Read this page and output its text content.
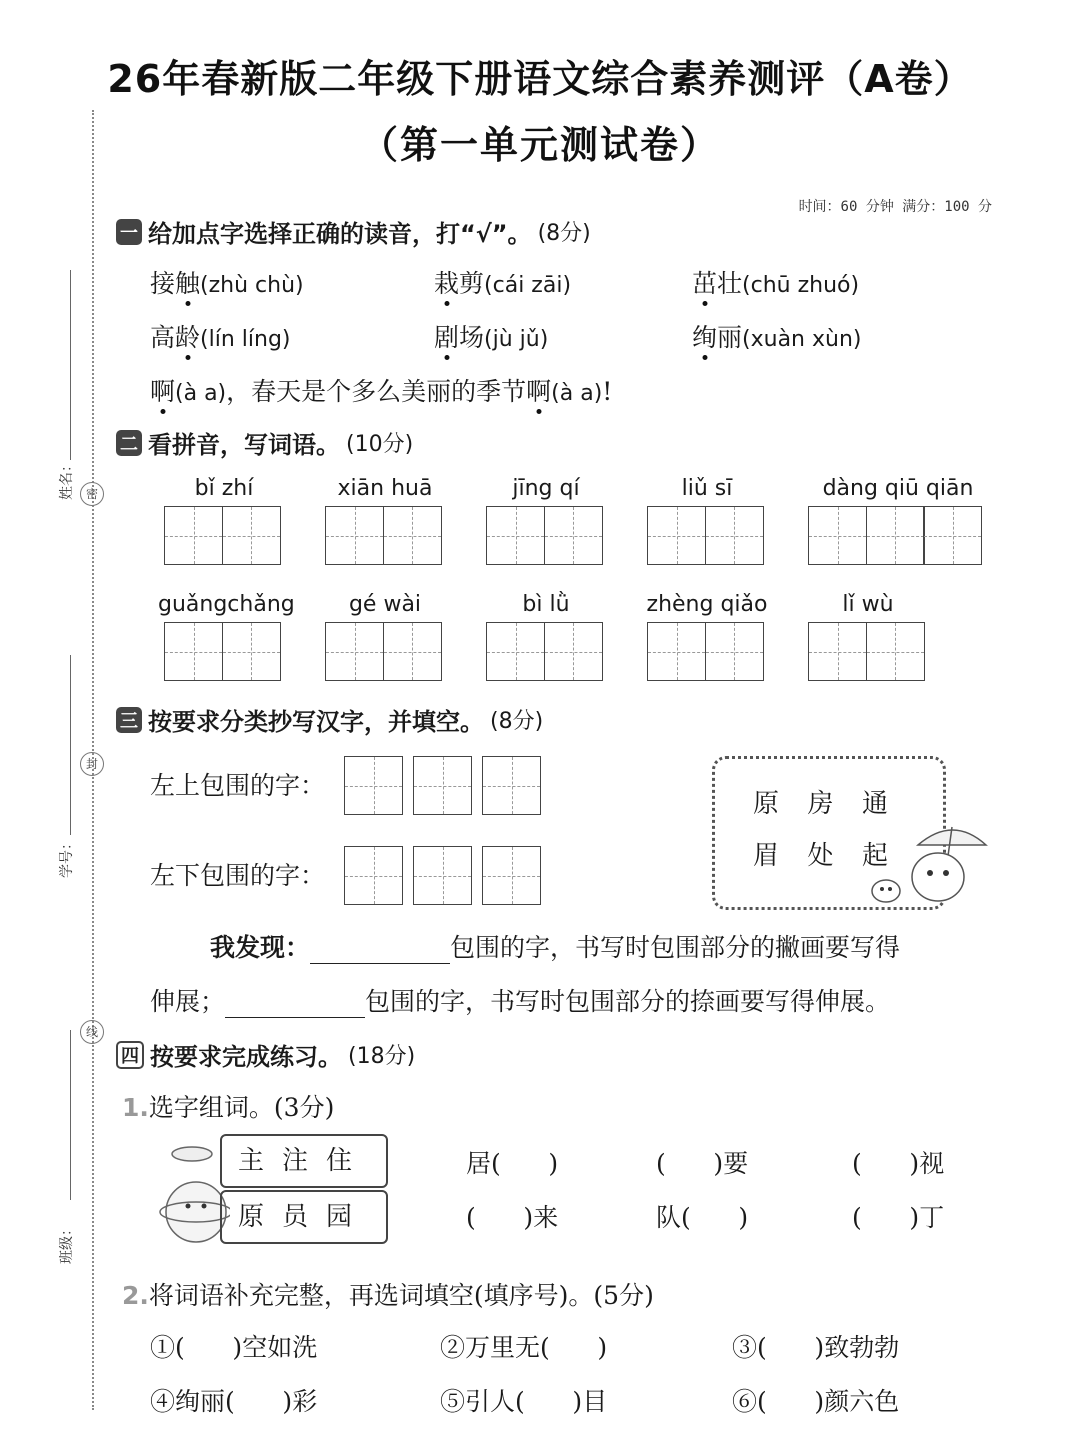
26年春新版二年级下册语文综合素养测评（A卷）
（第一单元测试卷）
时间：60 分钟 满分：100 分
姓名： 密
学号：
封
班级：
线
一 给加点字选择正确的读音，打“√”。 (8分)
接触(zhù chù)	栽剪(cái zāi)	茁壮(chū zhuó)
高龄(lín líng)	剧场(jù jǔ)	绚丽(xuàn xùn)
啊(à a)，春天是个多么美丽的季节啊(à a)!
二 看拼音，写词语。 (10分)
bǐ zhí	xiān huā	jīng qí	liǔ sī	dàng qiū qiān
guǎngchǎng	gé wài	bì lǜ	zhèng qiǎo	lǐ wù
三 按要求分类抄写汉字，并填空。 (8分)
左上包围的字：
左下包围的字：
原  房  通
眉  处  起
我发现：	包围的字，书写时包围部分的撇画要写得
伸展；	包围的字，书写时包围部分的捺画要写得伸展。
四 按要求完成练习。 (18分)
1.选字组词。(3分)
主注住
原员园
居(      )	(      )要	(      )视
(      )来	队(      )	(      )丁
2.将词语补充完整，再选词填空(填序号)。(5分)
①(      )空如洗	②万里无(      )	③(      )致勃勃
④绚丽(      )彩	⑤引人(      )目	⑥(      )颜六色
